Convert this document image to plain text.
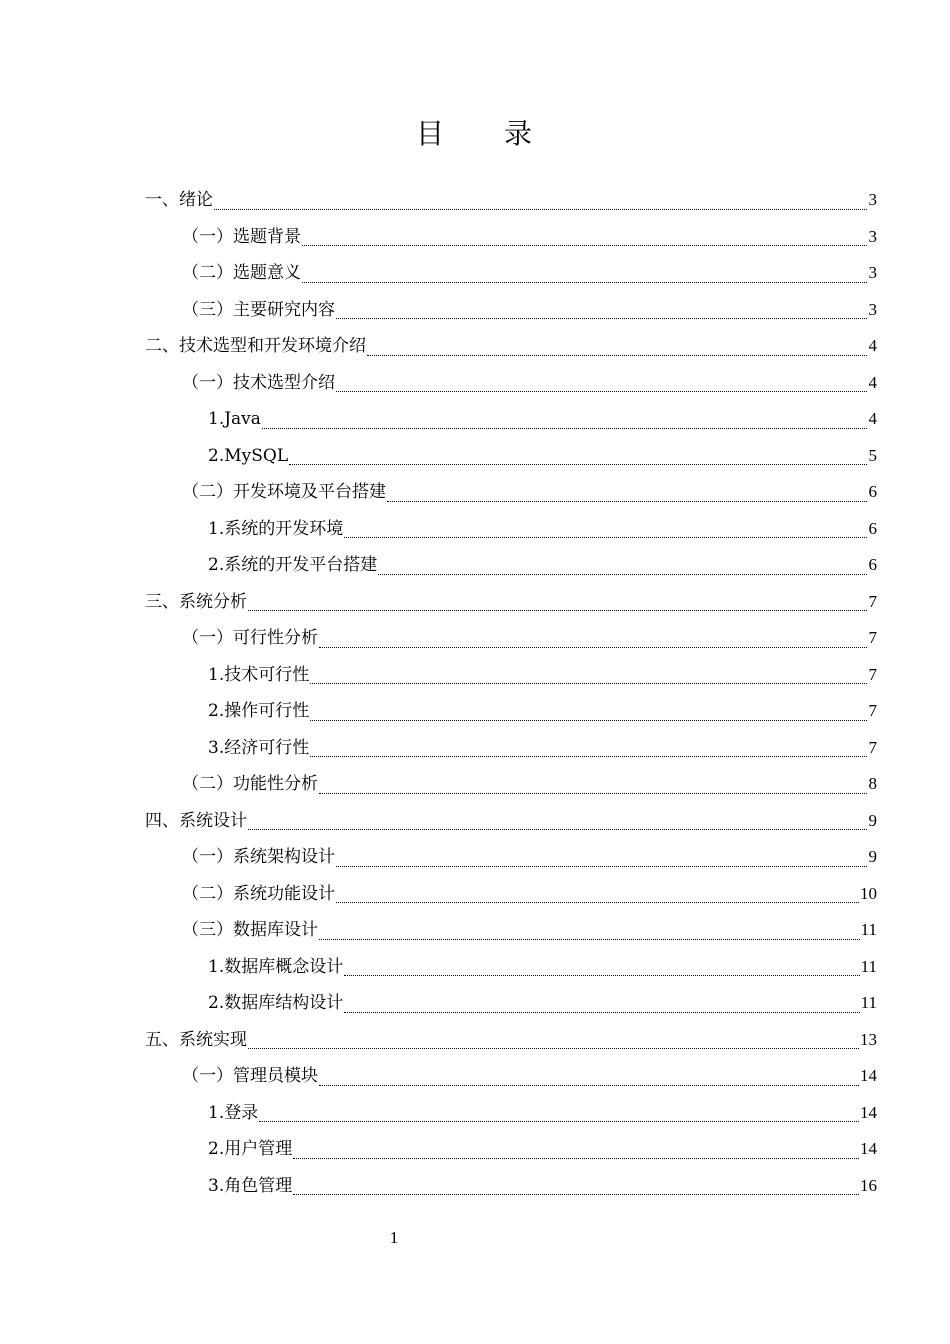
目 录
一、绪论	3
（一）选题背景	3
（二）选题意义	3
（三）主要研究内容	3
二、技术选型和开发环境介绍	4
（一）技术选型介绍	4
1.Java	4
2.MySQL	5
（二）开发环境及平台搭建	6
1.系统的开发环境	6
2.系统的开发平台搭建	6
三、系统分析	7
（一）可行性分析	7
1.技术可行性	7
2.操作可行性	7
3.经济可行性	7
（二）功能性分析	8
四、系统设计	9
（一）系统架构设计	9
（二）系统功能设计	10
（三）数据库设计	11
1.数据库概念设计	11
2.数据库结构设计	11
五、系统实现	13
（一）管理员模块	14
1.登录	14
2.用户管理	14
3.角色管理	16
1
